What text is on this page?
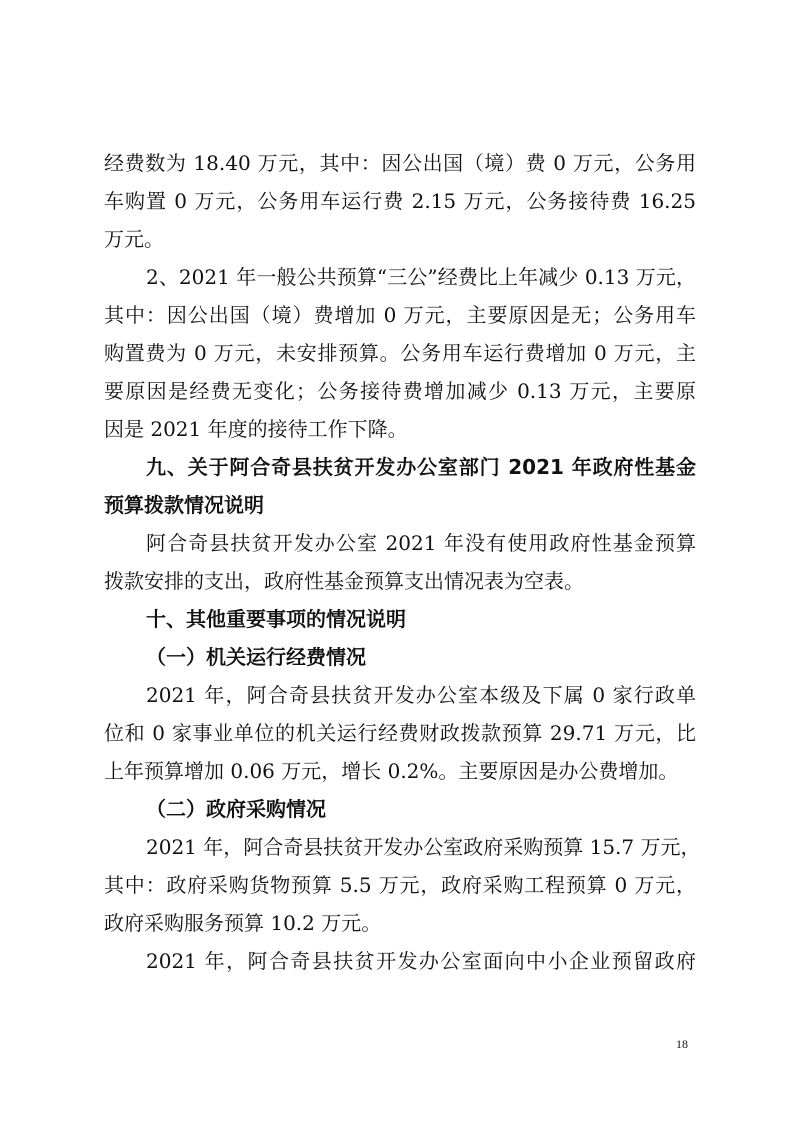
经费数为 18.40 万元，其中：因公出国（境）费 0 万元，公务用
车购置 0 万元，公务用车运行费 2.15 万元，公务接待费 16.25
万元。
2、2021 年一般公共预算“三公”经费比上年减少 0.13 万元，
其中：因公出国（境）费增加 0 万元，主要原因是无；公务用车
购置费为 0 万元，未安排预算。公务用车运行费增加 0 万元，主
要原因是经费无变化；公务接待费增加减少 0.13 万元，主要原
因是 2021 年度的接待工作下降。
九、关于阿合奇县扶贫开发办公室部门 2021 年政府性基金
预算拨款情况说明
阿合奇县扶贫开发办公室 2021 年没有使用政府性基金预算
拨款安排的支出，政府性基金预算支出情况表为空表。
十、其他重要事项的情况说明
（一）机关运行经费情况
2021 年，阿合奇县扶贫开发办公室本级及下属 0 家行政单
位和 0 家事业单位的机关运行经费财政拨款预算 29.71 万元，比
上年预算增加 0.06 万元，增长 0.2%。主要原因是办公费增加。
（二）政府采购情况
2021 年，阿合奇县扶贫开发办公室政府采购预算 15.7 万元，
其中：政府采购货物预算 5.5 万元，政府采购工程预算 0 万元，
政府采购服务预算 10.2 万元。
2021 年，阿合奇县扶贫开发办公室面向中小企业预留政府
18
